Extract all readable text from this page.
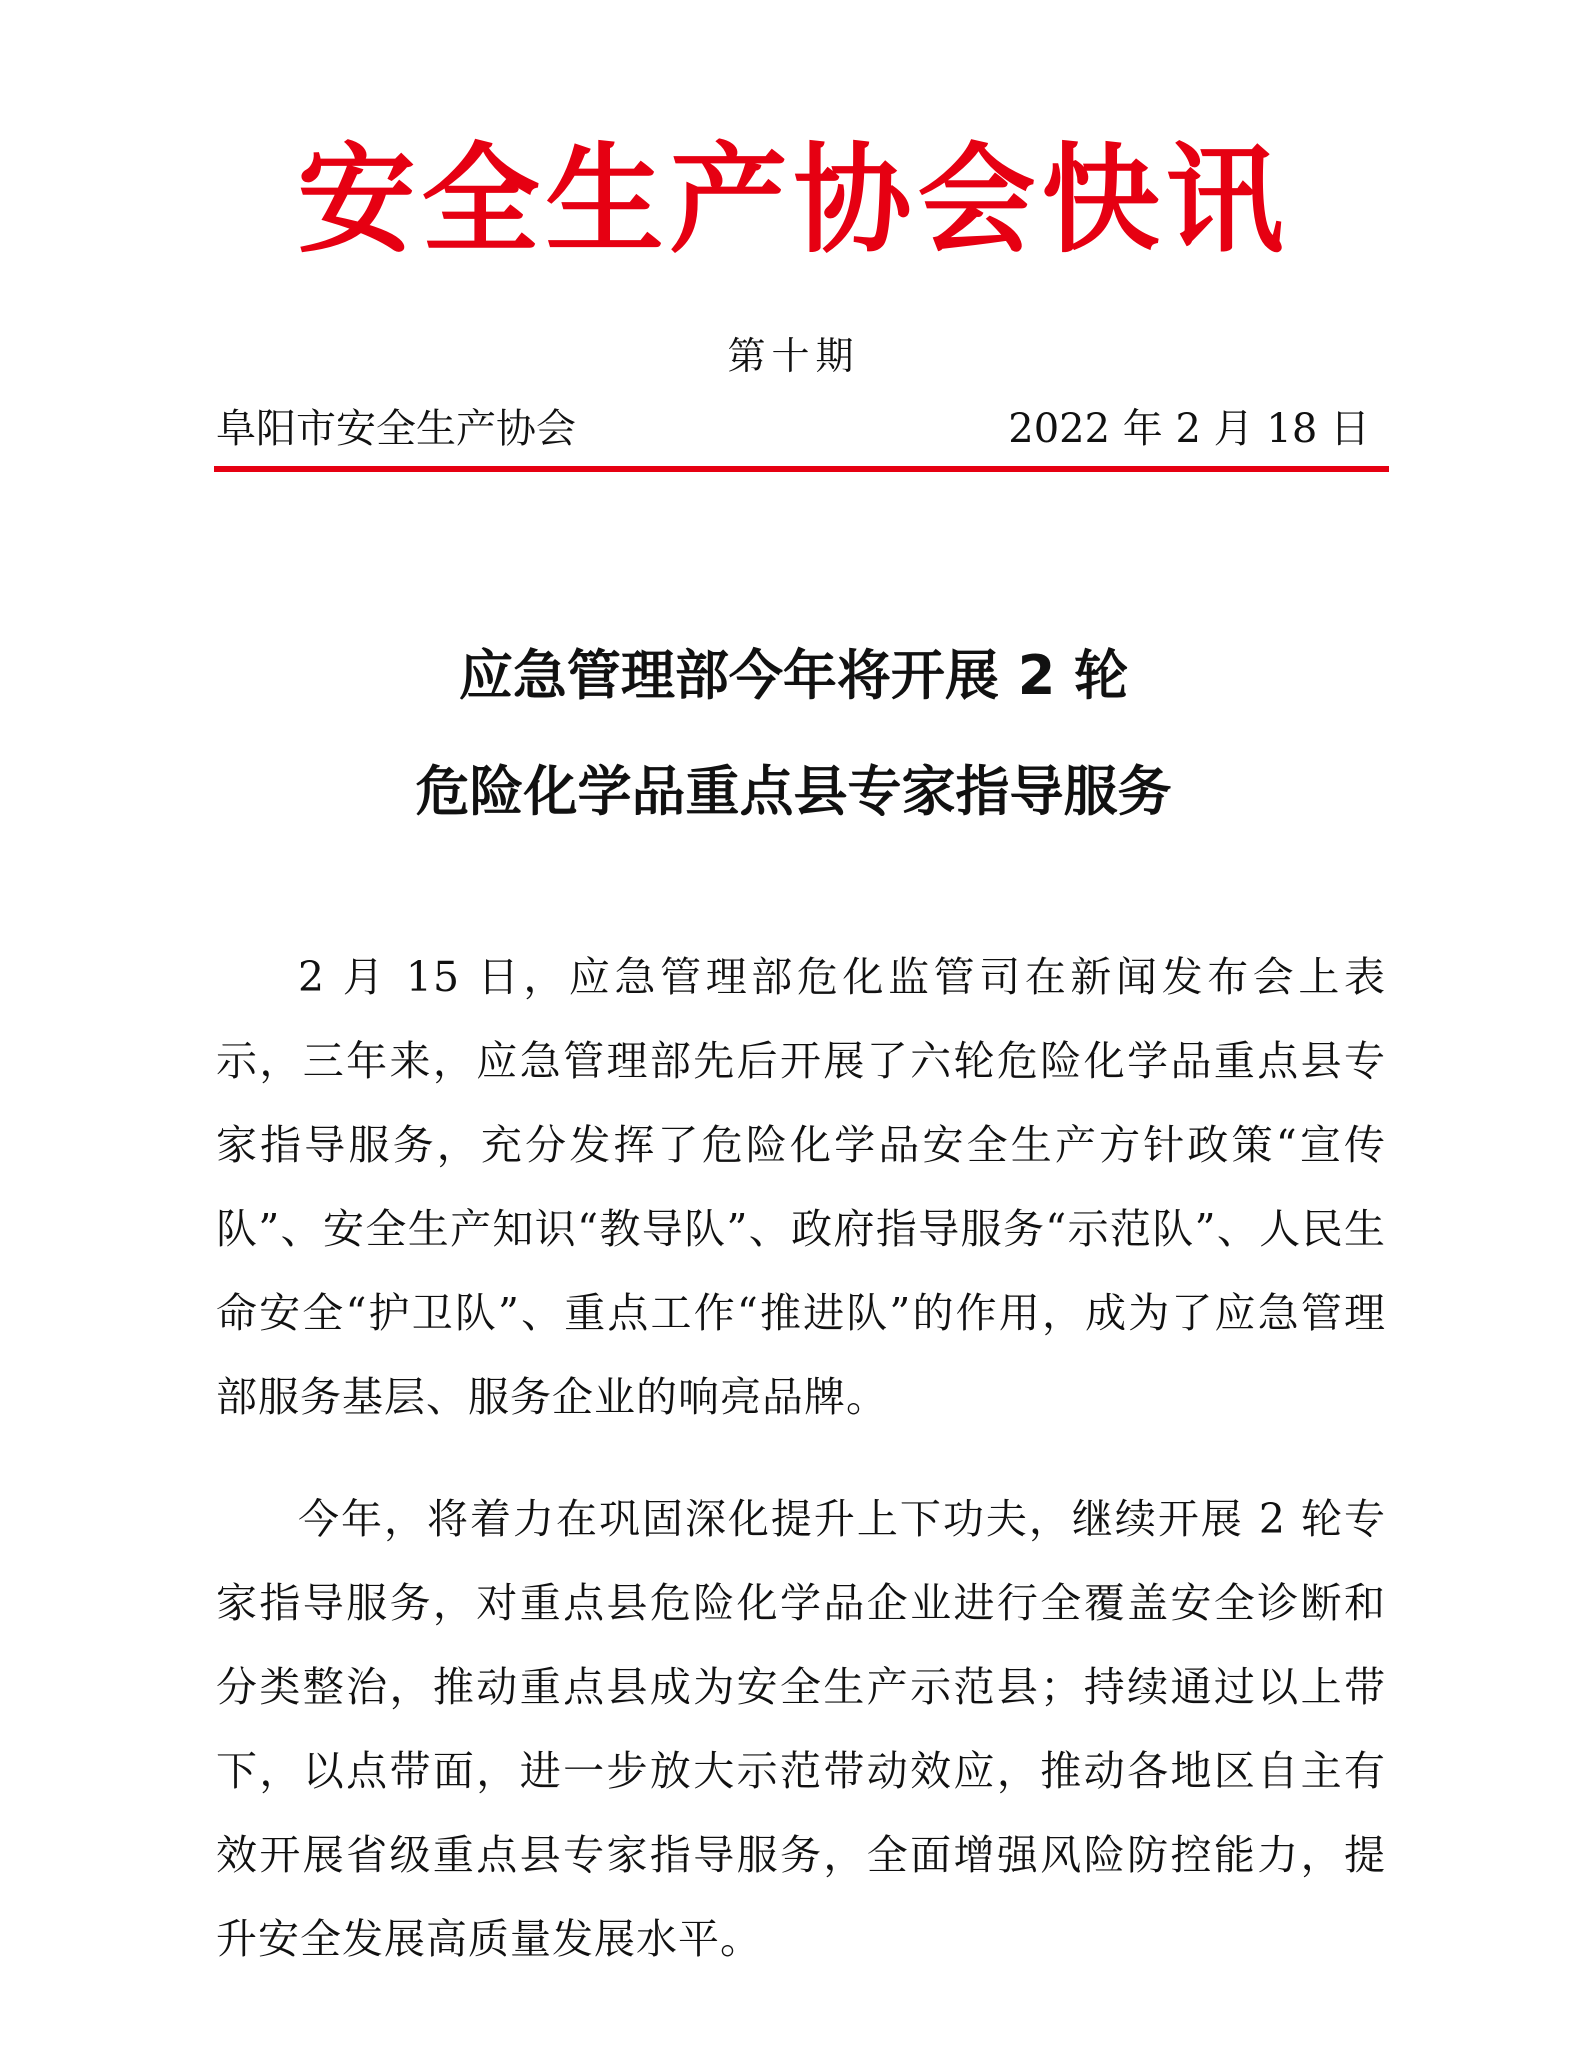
安全生产协会快讯
第十期
阜阳市安全生产协会	2022 年 2 月 18 日
应急管理部今年将开展 2 轮
危险化学品重点县专家指导服务

2 月 15 日，应急管理部危化监管司在新闻发布会上表示，三年来，应急管理部先后开展了六轮危险化学品重点县专家指导服务，充分发挥了危险化学品安全生产方针政策“宣传队”、安全生产知识“教导队”、政府指导服务“示范队”、人民生命安全“护卫队”、重点工作“推进队”的作用，成为了应急管理部服务基层、服务企业的响亮品牌。

今年，将着力在巩固深化提升上下功夫，继续开展 2 轮专家指导服务，对重点县危险化学品企业进行全覆盖安全诊断和分类整治，推动重点县成为安全生产示范县；持续通过以上带下，以点带面，进一步放大示范带动效应，推动各地区自主有效开展省级重点县专家指导服务，全面增强风险防控能力，提升安全发展高质量发展水平。
